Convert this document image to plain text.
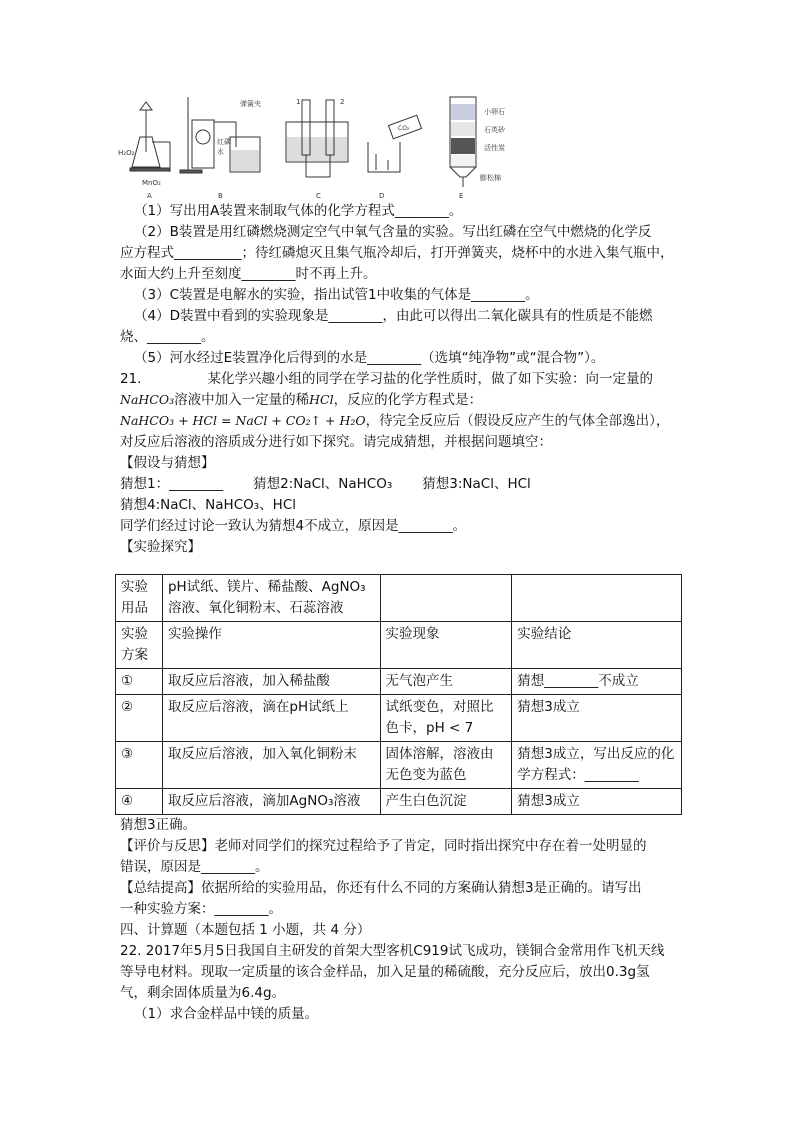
H₂O₂
MnO₂
A
弹簧夹
红磷
水
B
1	2
C
CO₂
D
小卵石
石英砂
活性炭
膨松棉
E
（1）写出用A装置来制取气体的化学方程式________。
（2）B装置是用红磷燃烧测定空气中氧气含量的实验。写出红磷在空气中燃烧的化学反
应方程式__________；待红磷熄灭且集气瓶冷却后，打开弹簧夹，烧杯中的水进入集气瓶中，
水面大约上升至刻度________时不再上升。
（3）C装置是电解水的实验，指出试管1中收集的气体是________。
（4）D装置中看到的实验现象是________，由此可以得出二氧化碳具有的性质是不能燃
烧、________。
（5）河水经过E装置净化后得到的水是________（选填“纯净物”或“混合物”）。
21.	某化学兴趣小组的同学在学习盐的化学性质时，做了如下实验：向一定量的
NaHCO₃溶液中加入一定量的稀HCl，反应的化学方程式是：
NaHCO₃ + HCl = NaCl + CO₂↑ + H₂O，待完全反应后（假设反应产生的气体全部逸出），
对反应后溶液的溶质成分进行如下探究。请完成猜想，并根据问题填空：
【假设与猜想】
猜想1：________ 猜想2:NaCl、NaHCO₃ 猜想3:NaCl、HCl
猜想4:NaCl、NaHCO₃、HCl
同学们经过讨论一致认为猜想4不成立，原因是________。
【实验探究】
实验用品	pH试纸、镁片、稀盐酸、AgNO₃溶液、氧化铜粉末、石蕊溶液		
实验方案	实验操作	实验现象	实验结论
①	取反应后溶液，加入稀盐酸	无气泡产生	猜想________不成立
②	取反应后溶液，滴在pH试纸上	试纸变色，对照比色卡，pH < 7	猜想3成立
③	取反应后溶液，加入氧化铜粉末	固体溶解，溶液由无色变为蓝色	猜想3成立，写出反应的化学方程式：________
④	取反应后溶液，滴加AgNO₃溶液	产生白色沉淀	猜想3成立
猜想3正确。
【评价与反思】老师对同学们的探究过程给予了肯定，同时指出探究中存在着一处明显的
错误，原因是________。
【总结提高】依据所给的实验用品，你还有什么不同的方案确认猜想3是正确的。请写出
一种实验方案：________。
四、计算题（本题包括 1 小题，共 4 分）
22. 2017年5月5日我国自主研发的首架大型客机C919试飞成功，镁铜合金常用作飞机天线
等导电材料。现取一定质量的该合金样品，加入足量的稀硫酸，充分反应后，放出0.3g氢
气，剩余固体质量为6.4g。
（1）求合金样品中镁的质量。
